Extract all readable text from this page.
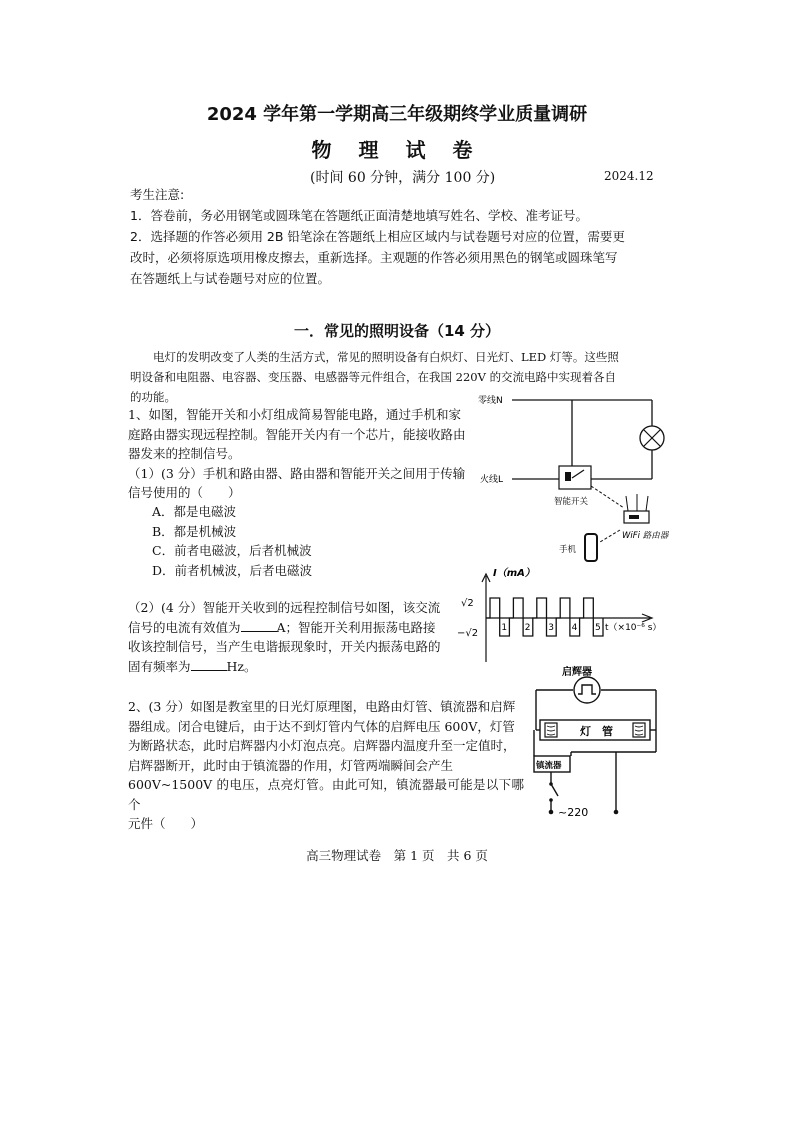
2024 学年第一学期高三年级期终学业质量调研
物 理 试 卷
(时间 60 分钟，满分 100 分)	2024.12
考生注意:
1．答卷前，务必用钢笔或圆珠笔在答题纸正面清楚地填写姓名、学校、准考证号。
2．选择题的作答必须用 2B 铅笔涂在答题纸上相应区域内与试卷题号对应的位置，需要更
改时，必须将原选项用橡皮擦去，重新选择。主观题的作答必须用黑色的钢笔或圆珠笔写
在答题纸上与试卷题号对应的位置。
一．常见的照明设备（14 分）
电灯的发明改变了人类的生活方式，常见的照明设备有白炽灯、日光灯、LED 灯等。这些照
明设备和电阻器、电容器、变压器、电感器等元件组合，在我国 220V 的交流电路中实现着各自
的功能。
1、如图，智能开关和小灯组成简易智能电路，通过手机和家
庭路由器实现远程控制。智能开关内有一个芯片，能接收路由
器发来的控制信号。
（1）(3 分）手机和路由器、路由器和智能开关之间用于传输
信号使用的（　　）
A．都是电磁波
B．都是机械波
C．前者电磁波，后者机械波
D．前者机械波，后者电磁波
（2）(4 分）智能开关收到的远程控制信号如图，该交流
信号的电流有效值为	A；智能开关利用振荡电路接
收该控制信号，当产生电谐振现象时，开关内振荡电路的
固有频率为	Hz。
2、(3 分）如图是教室里的日光灯原理图，电路由灯管、镇流器和启辉
器组成。闭合电键后，由于达不到灯管内气体的启辉电压 600V，灯管
为断路状态，此时启辉器内小灯泡点亮。启辉器内温度升至一定值时，
启辉器断开，此时由于镇流器的作用，灯管两端瞬间会产生
600V~1500V 的电压，点亮灯管。由此可知，镇流器最可能是以下哪个
元件（　　）
零线N
火线L
智能开关
WiFi 路由器
手机
1 2 3 4 5
I（mA）
√2
−√2	t（×10⁻⁶ s）
启辉器
灯　管
镇流器
~220
高三物理试卷　第 1 页　共 6 页
